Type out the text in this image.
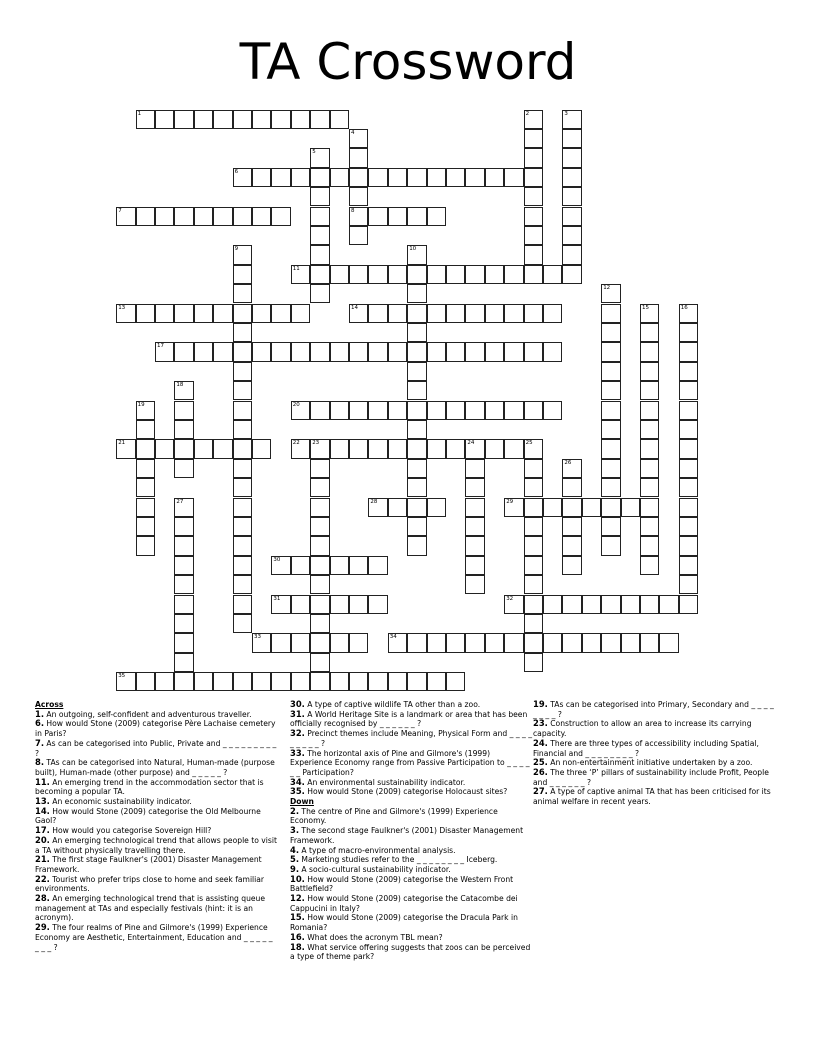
TA Crossword
1
6
7	8
11
13	14
17
20
21	22 23	24	25
28	29
30
31	32
33	34
35
2	3
4
5
9	10
12
15	16
18
19
26
27
Across
1. An outgoing, self-confident and adventurous traveller.
6. How would Stone (2009) categorise Père Lachaise cemetery in Paris?
7. As can be categorised into Public, Private and _ _ _ _ _ _ _ _ _ ?
8. TAs can be categorised into Natural, Human-made (purpose built), Human-made (other purpose) and _ _ _ _ _ ?
11. An emerging trend in the accommodation sector that is becoming a popular TA.
13. An economic sustainability indicator.
14. How would Stone (2009) categorise the Old Melbourne Gaol?
17. How would you categorise Sovereign Hill?
20. An emerging technological trend that allows people to visit a TA without physically travelling there.
21. The first stage Faulkner's (2001) Disaster Management Framework.
22. Tourist who prefer trips close to home and seek familiar environments.
28. An emerging technological trend that is assisting queue management at TAs and especially festivals (hint: it is an acronym).
29. The four realms of Pine and Gilmore's (1999) Experience Economy are Aesthetic, Entertainment, Education and _ _ _ _ _ _ _ _ ?
30. A type of captive wildlife TA other than a zoo.
31. A World Heritage Site is a landmark or area that has been officially recognised by _ _ _ _ _ _ ?
32. Precinct themes include Meaning, Physical Form and _ _ _ _ _ _ _ _ _ ?
33. The horizontal axis of Pine and Gilmore's (1999) Experience Economy range from Passive Participation to _ _ _ _ _ _ Participation?
34. An environmental sustainability indicator.
35. How would Stone (2009) categorise Holocaust sites?
Down
2. The centre of Pine and Gilmore's (1999) Experience Economy.
3. The second stage Faulkner's (2001) Disaster Management Framework.
4. A type of macro-environmental analysis.
5. Marketing studies refer to the _ _ _ _ _ _ _ _ Iceberg.
9. A socio-cultural sustainability indicator.
10. How would Stone (2009) categorise the Western Front Battlefield?
12. How would Stone (2009) categorise the Catacombe dei Cappucini in Italy?
15. How would Stone (2009) categorise the Dracula Park in Romania?
16. What does the acronym TBL mean?
18. What service offering suggests that zoos can be perceived a type of theme park?
19. TAs can be categorised into Primary, Secondary and _ _ _ _ _ _ _ _ ?
23. Construction to allow an area to increase its carrying capacity.
24. There are three types of accessibility including Spatial, Financial and _ _ _ _ _ _ _ _ ?
25. An non-entertainment initiative undertaken by a zoo.
26. The three ‘P’ pillars of sustainability include Profit, People and _ _ _ _ _ _ ?
27. A type of captive animal TA that has been criticised for its animal welfare in recent years.
